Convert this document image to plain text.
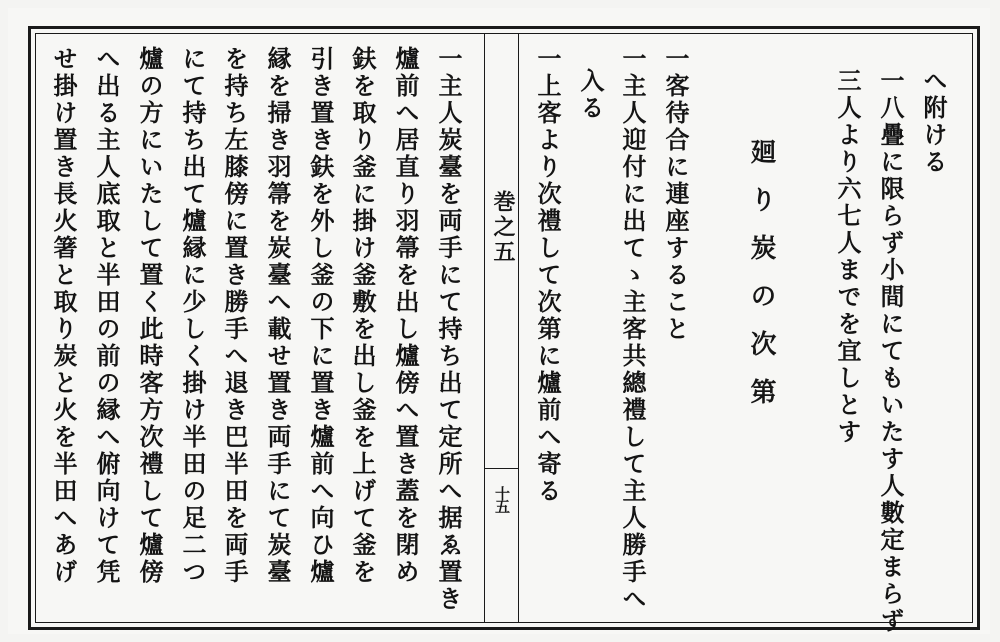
巻之五
十五
へ附ける
一八疊に限らず小間にてもいたす人數定まらず
三人より六七人までを宜しとす
廻り炭の次第
一客待合に連座すること
一主人迎付に出てゝ主客共總禮して主人勝手へ
入る
一上客より次禮して次第に爐前へ寄る
一主人炭臺を両手にて持ち出て定所へ据ゑ置き
爐前へ居直り羽箒を出し爐傍へ置き蓋を閉め
鈇を取り釜に掛け釜敷を出し釜を上げて釜を
引き置き鈇を外し釜の下に置き爐前へ向ひ爐
縁を掃き羽箒を炭臺へ載せ置き両手にて炭臺
を持ち左膝傍に置き勝手へ退き巴半田を両手
にて持ち出て爐縁に少しく掛け半田の足二つ
爐の方にいたして置く此時客方次禮して爐傍
へ出る主人底取と半田の前の縁へ俯向けて凭
せ掛け置き長火箸と取り炭と火を半田へあげ
